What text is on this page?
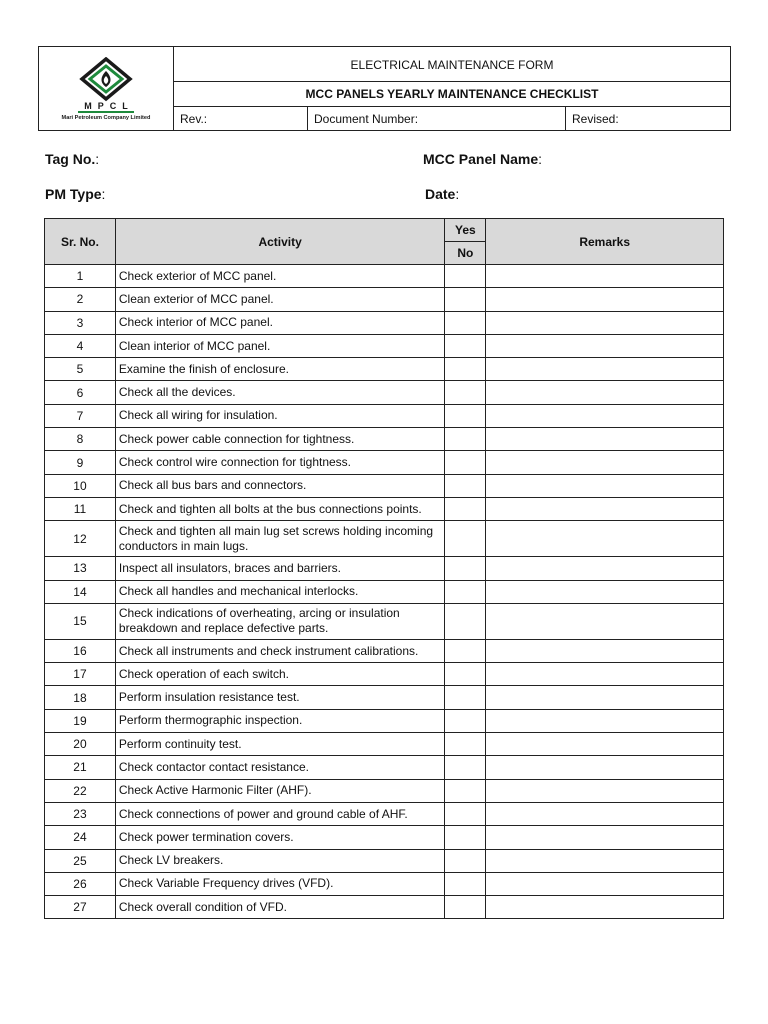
MPCL
Mari Petroleum Company Limited
ELECTRICAL MAINTENANCE FORM
MCC PANELS YEARLY MAINTENANCE CHECKLIST
Rev.:	Document Number:	Revised:
Tag No.:	MCC Panel Name:
PM Type:	Date:
Sr. No.	Activity	Yes	Remarks
		No	
1	Check exterior of MCC panel.		
2	Clean exterior of MCC panel.		
3	Check interior of MCC panel.		
4	Clean interior of MCC panel.		
5	Examine the finish of enclosure.		
6	Check all the devices.		
7	Check all wiring for insulation.		
8	Check power cable connection for tightness.		
9	Check control wire connection for tightness.		
10	Check all bus bars and connectors.		
11	Check and tighten all bolts at the bus connections points.		
12	Check and tighten all main lug set screws holding incoming conductors in main lugs.		
13	Inspect all insulators, braces and barriers.		
14	Check all handles and mechanical interlocks.		
15	Check indications of overheating, arcing or insulation breakdown and replace defective parts.		
16	Check all instruments and check instrument calibrations.		
17	Check operation of each switch.		
18	Perform insulation resistance test.		
19	Perform thermographic inspection.		
20	Perform continuity test.		
21	Check contactor contact resistance.		
22	Check Active Harmonic Filter (AHF).		
23	Check connections of power and ground cable of AHF.		
24	Check power termination covers.		
25	Check LV breakers.		
26	Check Variable Frequency drives (VFD).		
27	Check overall condition of VFD.		
